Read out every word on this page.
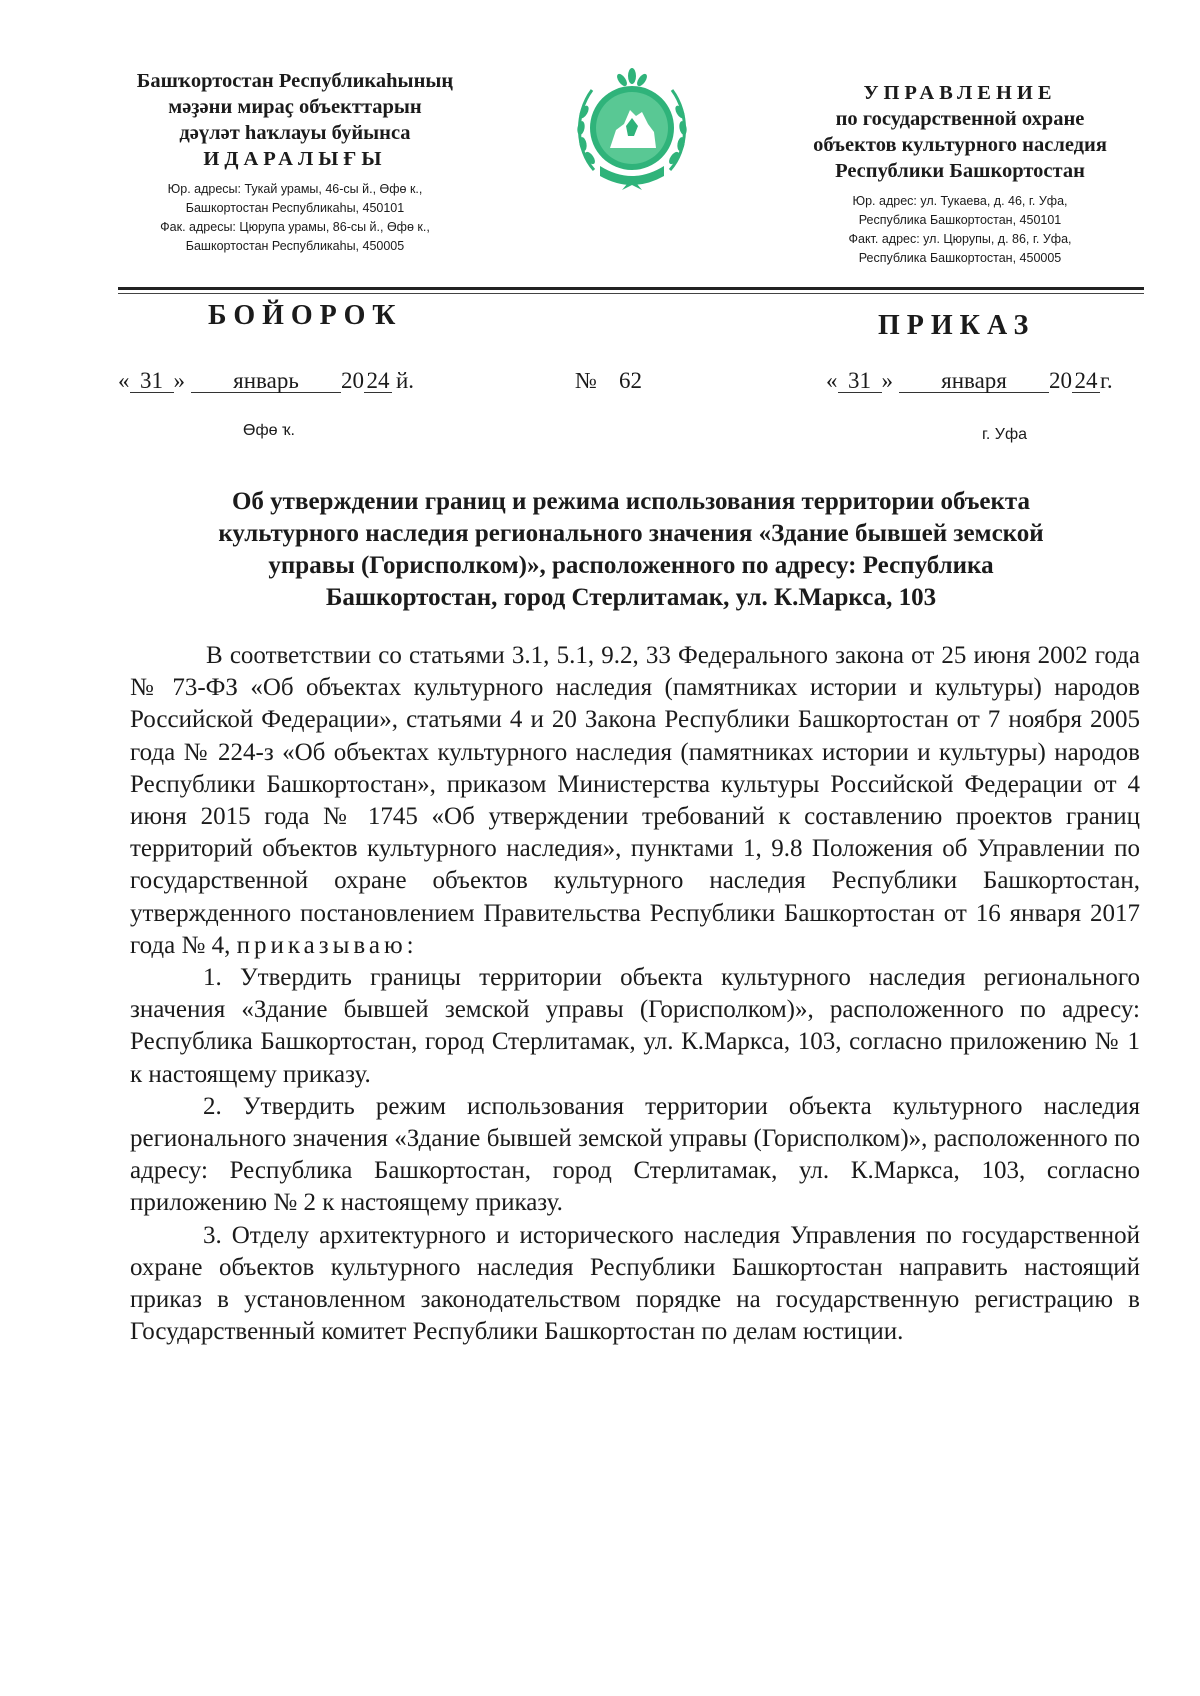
Башҡортостан Республикаһының
мәҙәни мираҫ объекттарын
дәүләт һаҡлауы буйынса
ИДАРАЛЫҒЫ
Юр. адресы: Тукай урамы, 46-сы й., Өфө к.,
Башкортостан Республикаһы, 450101
Фак. адресы: Цюрупа урамы, 86-сы й., Өфө к.,
Башкортостан Республикаһы, 450005
УПРАВЛЕНИЕ
по государственной охране
объектов культурного наследия
Республики Башкортостан
Юр. адрес: ул. Тукаева, д. 46, г. Уфа,
Республика Башкортостан, 450101
Факт. адрес: ул. Цюрупы, д. 86, г. Уфа,
Республика Башкортостан, 450005
БОЙОРОҠ	ПРИКАЗ
« 31 » январь 20 24 й.	№ 62	« 31 » января 20 24 г.
Өфө ҡ.	г. Уфа
Об утверждении границ и режима использования территории объекта
культурного наследия регионального значения «Здание бывшей земской
управы (Горисполком)», расположенного по адресу: Республика
Башкортостан, город Стерлитамак, ул. К.Маркса, 103

В соответствии со статьями 3.1, 5.1, 9.2, 33 Федерального закона от 25 июня 2002 года № 73-ФЗ «Об объектах культурного наследия (памятниках истории и культуры) народов Российской Федерации», статьями 4 и 20 Закона Республики Башкортостан от 7 ноября 2005 года № 224-з «Об объектах культурного наследия (памятниках истории и культуры) народов Республики Башкортостан», приказом Министерства культуры Российской Федерации от 4 июня 2015 года № 1745 «Об утверждении требований к составлению проектов границ территорий объектов культурного наследия», пунктами 1, 9.8 Положения об Управлении по государственной охране объектов культурного наследия Республики Башкортостан, утвержденного постановлением Правительства Республики Башкортостан от 16 января 2017 года № 4, приказываю:

1. Утвердить границы территории объекта культурного наследия регионального значения «Здание бывшей земской управы (Горисполком)», расположенного по адресу: Республика Башкортостан, город Стерлитамак, ул. К.Маркса, 103, согласно приложению № 1 к настоящему приказу.

2. Утвердить режим использования территории объекта культурного наследия регионального значения «Здание бывшей земской управы (Горисполком)», расположенного по адресу: Республика Башкортостан, город Стерлитамак, ул. К.Маркса, 103, согласно приложению № 2 к настоящему приказу.

3. Отделу архитектурного и исторического наследия Управления по государственной охране объектов культурного наследия Республики Башкортостан направить настоящий приказ в установленном законодательством порядке на государственную регистрацию в Государственный комитет Республики Башкортостан по делам юстиции.
